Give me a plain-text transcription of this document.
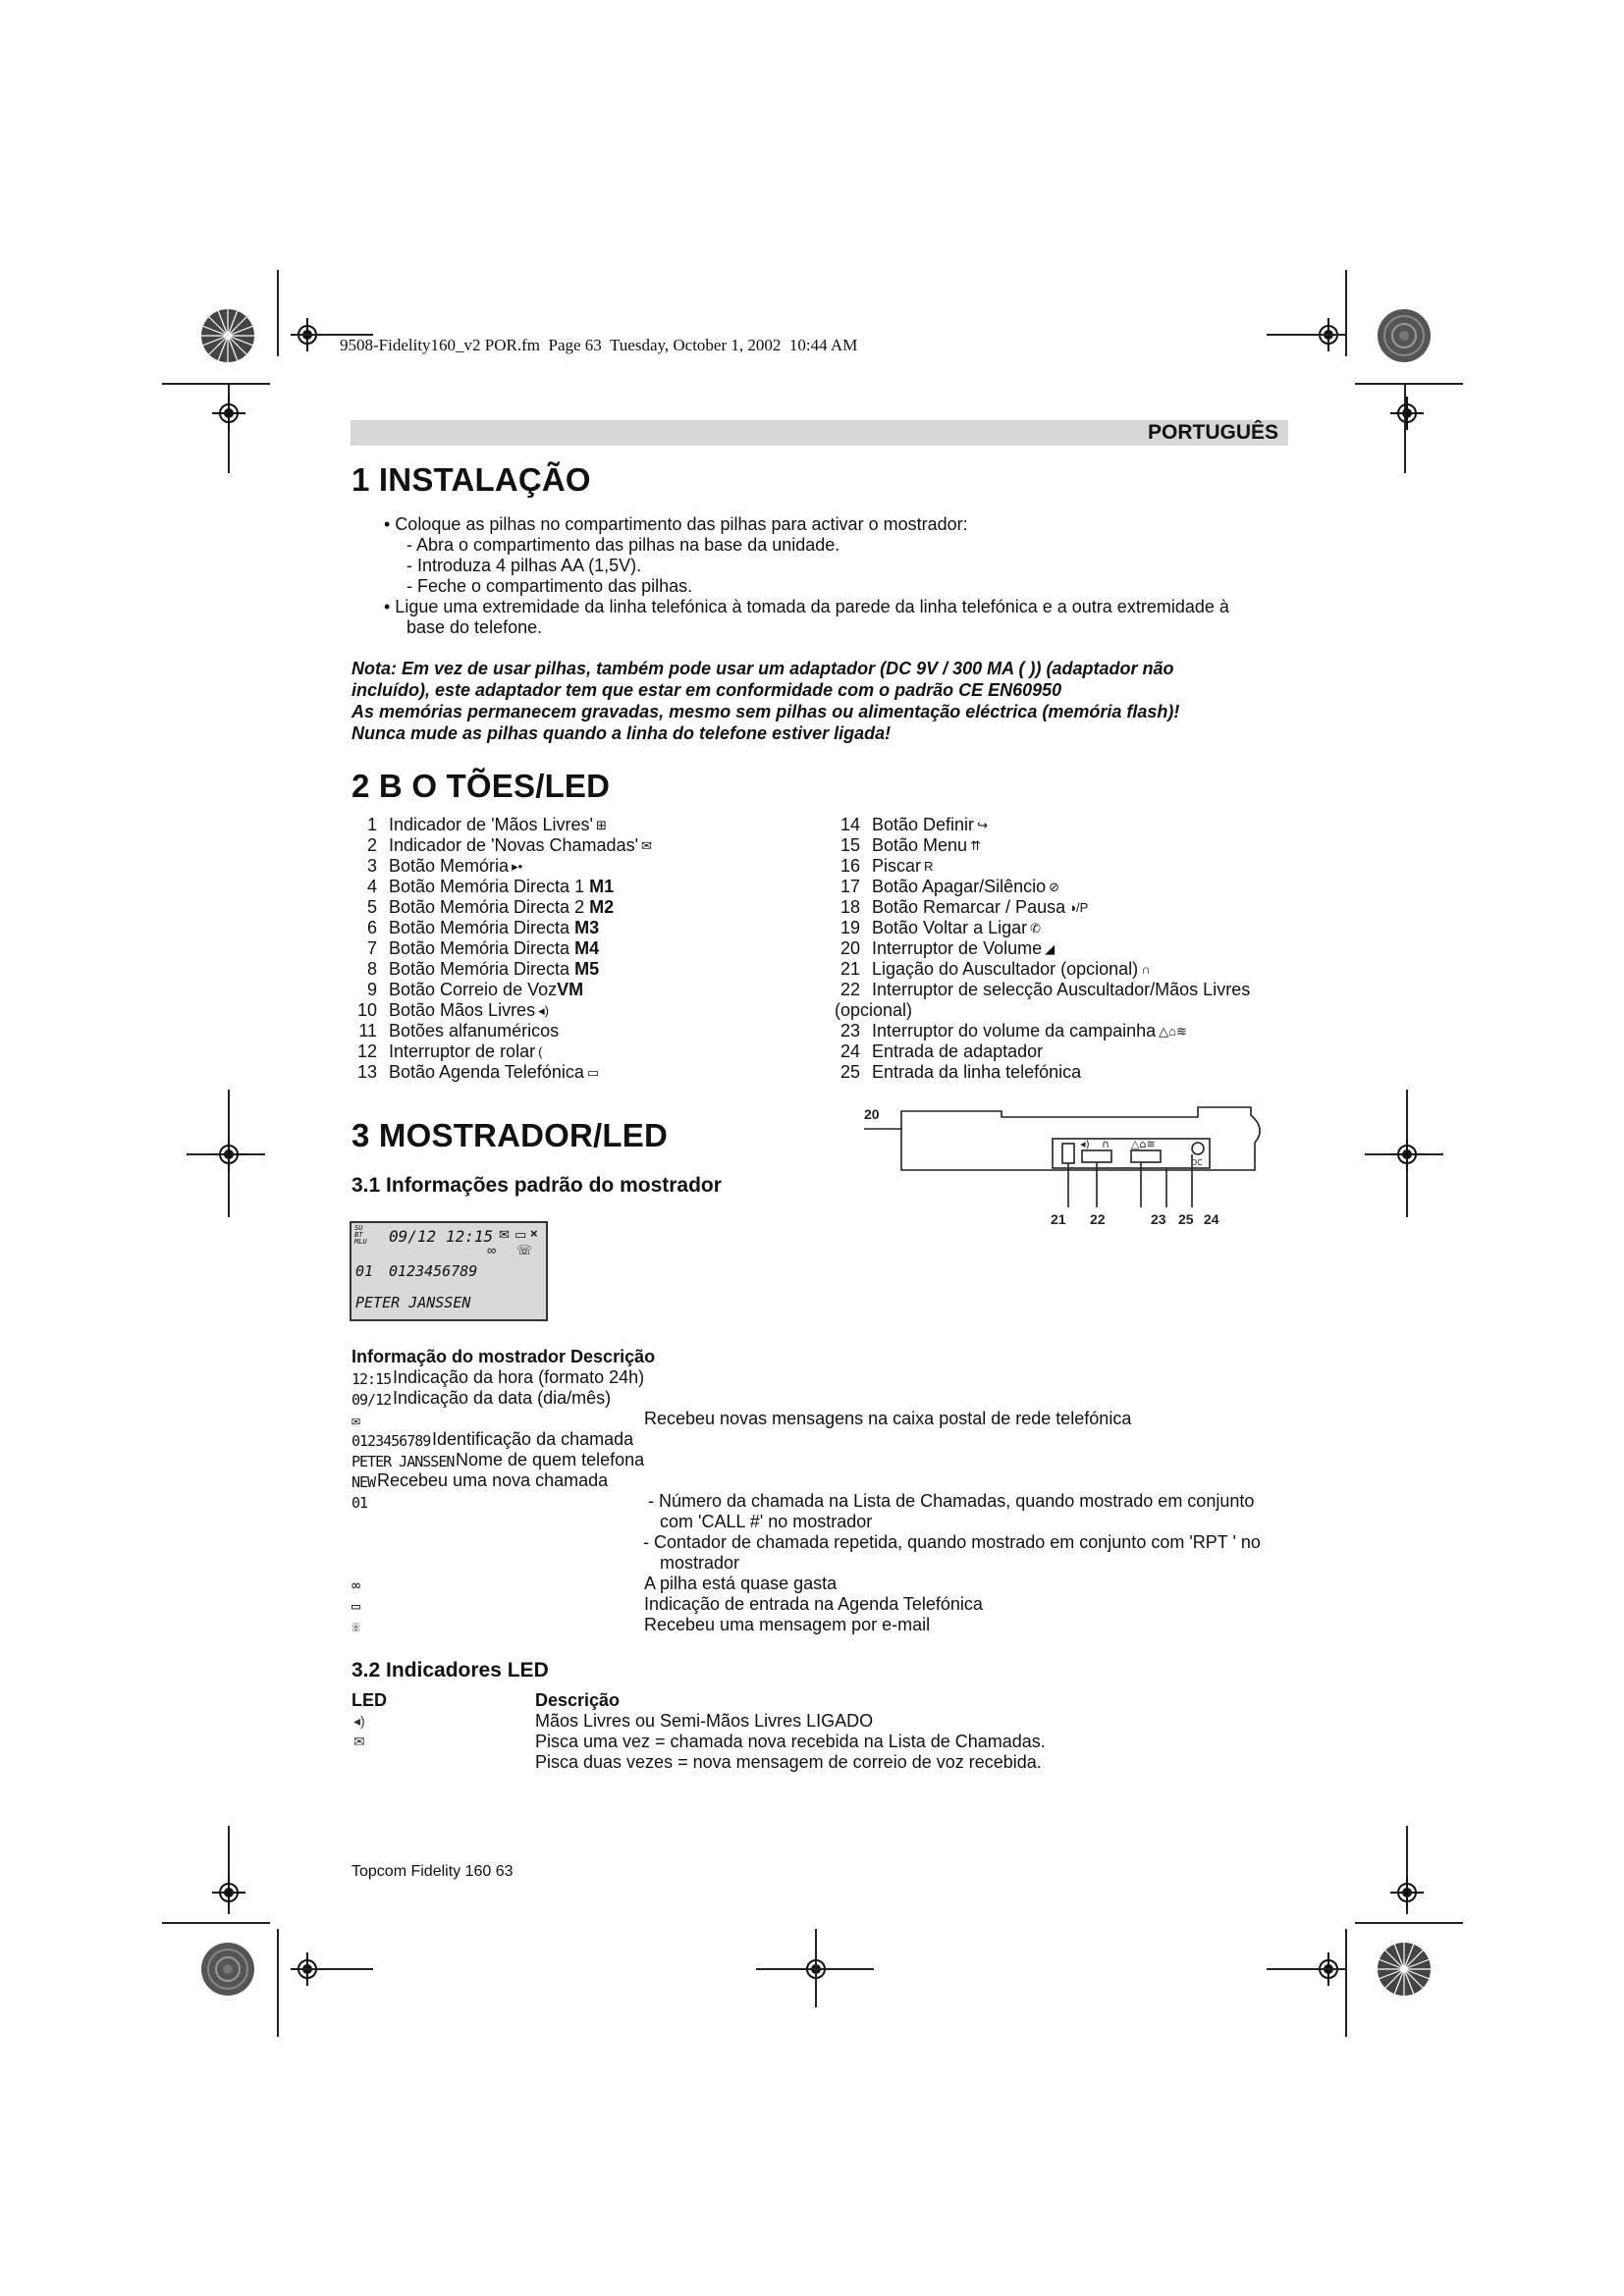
9508-Fidelity160_v2 POR.fm  Page 63  Tuesday, October 1, 2002  10:44 AM
PORTUGUÊS
1 INSTALAÇÃO
• Coloque as pilhas no compartimento das pilhas para activar o mostrador:
- Abra o compartimento das pilhas na base da unidade.
- Introduza 4 pilhas AA (1,5V).
- Feche o compartimento das pilhas.
• Ligue uma extremidade da linha telefónica à tomada da parede da linha telefónica e a outra extremidade à
base do telefone.
Nota: Em vez de usar pilhas, também pode usar um adaptador (DC 9V / 300 MA ( )) (adaptador não
incluído), este adaptador tem que estar em conformidade com o padrão CE EN60950
As memórias permanecem gravadas, mesmo sem pilhas ou alimentação eléctrica (memória flash)!
Nunca mude as pilhas quando a linha do telefone estiver ligada!
2 B O TÕES/LED
1 Indicador de 'Mãos Livres' ⊞
2 Indicador de 'Novas Chamadas' ✉
3 Botão Memória ▸•
4 Botão Memória Directa 1 M1
5 Botão Memória Directa 2 M2
6 Botão Memória Directa M3
7 Botão Memória Directa M4
8 Botão Memória Directa M5
9 Botão Correio de VozVM
10 Botão Mãos Livres ◂)
11 Botões alfanuméricos
12 Interruptor de rolar (
13 Botão Agenda Telefónica ▭
14 Botão Definir ↪
15 Botão Menu ⇈
16 Piscar R
17 Botão Apagar/Silêncio ⊘
18 Botão Remarcar / Pausa ◑/P
19 Botão Voltar a Ligar ✆
20 Interruptor de Volume ◢
21 Ligação do Auscultador (opcional) ∩
22 Interruptor de selecção Auscultador/Mãos Livres
(opcional)
23 Interruptor do volume da campainha △⌂≋
24 Entrada de adaptador
25 Entrada da linha telefónica
3 MOSTRADOR/LED
3.1 Informações padrão do mostrador
SU
BT
MLU 09/12 12:15 ✉ ▭ ×
∞ ☏
01 0123456789
PETER JANSSEN
20
21 22	23 25 24
◂) ∩ △⌂≋
DC
Informação do mostrador Descrição
12:15 Indicação da hora (formato 24h)
09/12 Indicação da data (dia/mês)
✉	Recebeu novas mensagens na caixa postal de rede telefónica
0123456789 Identificação da chamada
PETER JANSSEN Nome de quem telefona
NEW Recebeu uma nova chamada
01	- Número da chamada na Lista de Chamadas, quando mostrado em conjunto
com 'CALL #' no mostrador
- Contador de chamada repetida, quando mostrado em conjunto com 'RPT ' no
mostrador
∞	A pilha está quase gasta
▭	Indicação de entrada na Agenda Telefónica
☏	Recebeu uma mensagem por e-mail
3.2 Indicadores LED
LED	Descrição
◂)	Mãos Livres ou Semi-Mãos Livres LIGADO
✉	Pisca uma vez = chamada nova recebida na Lista de Chamadas.
Pisca duas vezes = nova mensagem de correio de voz recebida.
Topcom Fidelity 160 63
